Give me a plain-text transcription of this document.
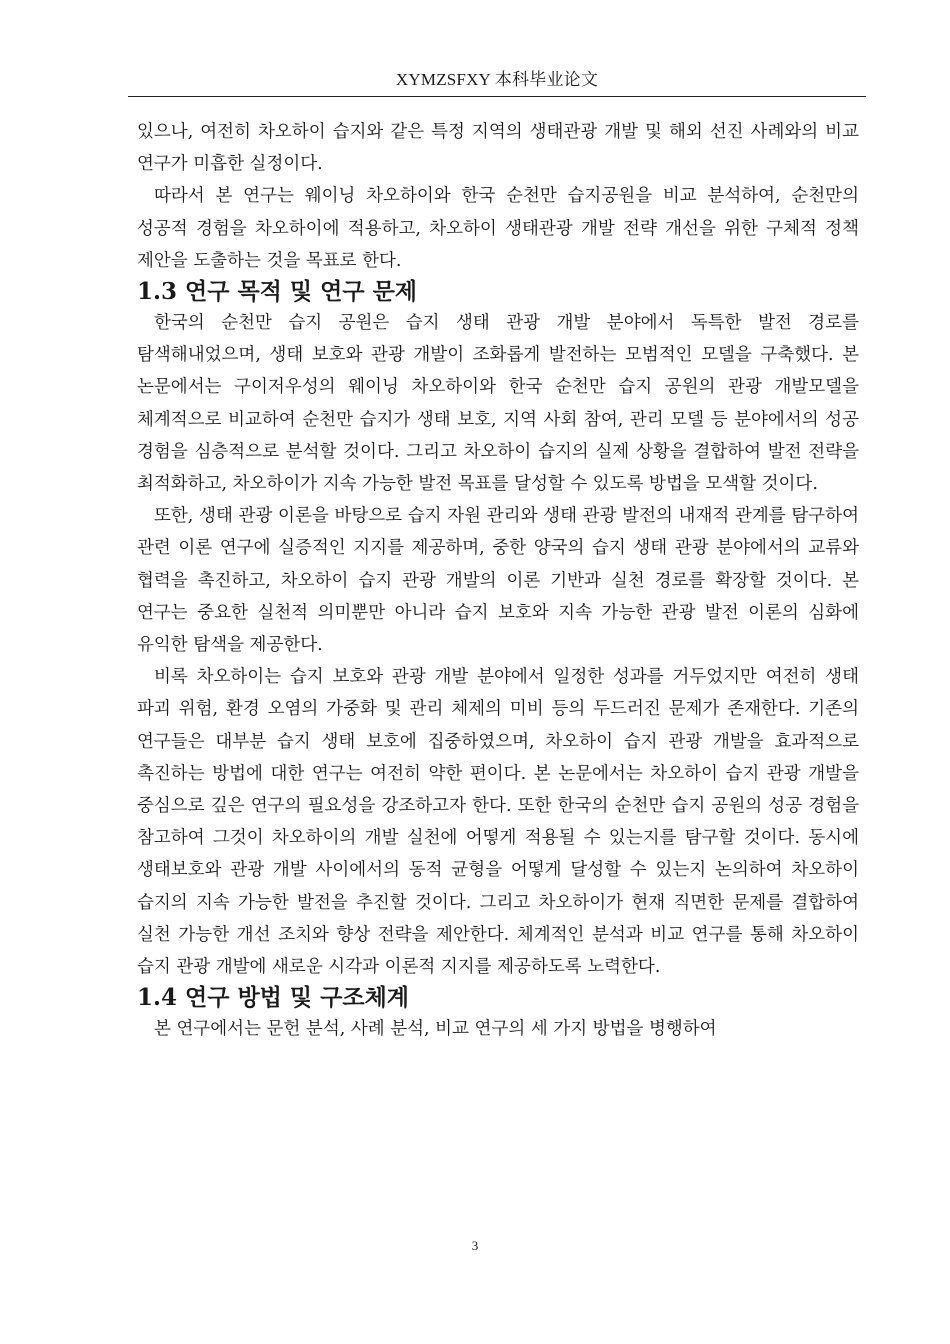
XYMZSFXY 本科毕业论文

있으나, 여전히 차오하이 습지와 같은 특정 지역의 생태관광 개발 및 해외 선진 사례와의 비교 연구가 미흡한 실정이다.

따라서 본 연구는 웨이닝 차오하이와 한국 순천만 습지공원을 비교 분석하여, 순천만의 성공적 경험을 차오하이에 적용하고, 차오하이 생태관광 개발 전략 개선을 위한 구체적 정책 제안을 도출하는 것을 목표로 한다.

1.3 연구 목적 및 연구 문제

한국의 순천만 습지 공원은 습지 생태 관광 개발 분야에서 독특한 발전 경로를 탐색해내었으며, 생태 보호와 관광 개발이 조화롭게 발전하는 모범적인 모델을 구축했다. 본 논문에서는 구이저우성의 웨이닝 차오하이와 한국 순천만 습지 공원의 관광 개발모델을 체계적으로 비교하여 순천만 습지가 생태 보호, 지역 사회 참여, 관리 모델 등 분야에서의 성공 경험을 심층적으로 분석할 것이다. 그리고 차오하이 습지의 실제 상황을 결합하여 발전 전략을 최적화하고, 차오하이가 지속 가능한 발전 목표를 달성할 수 있도록 방법을 모색할 것이다.

또한, 생태 관광 이론을 바탕으로 습지 자원 관리와 생태 관광 발전의 내재적 관계를 탐구하여 관련 이론 연구에 실증적인 지지를 제공하며, 중한 양국의 습지 생태 관광 분야에서의 교류와 협력을 촉진하고, 차오하이 습지 관광 개발의 이론 기반과 실천 경로를 확장할 것이다. 본 연구는 중요한 실천적 의미뿐만 아니라 습지 보호와 지속 가능한 관광 발전 이론의 심화에 유익한 탐색을 제공한다.

비록 차오하이는 습지 보호와 관광 개발 분야에서 일정한 성과를 거두었지만 여전히 생태 파괴 위험, 환경 오염의 가중화 및 관리 체제의 미비 등의 두드러진 문제가 존재한다. 기존의 연구들은 대부분 습지 생태 보호에 집중하였으며, 차오하이 습지 관광 개발을 효과적으로 촉진하는 방법에 대한 연구는 여전히 약한 편이다. 본 논문에서는 차오하이 습지 관광 개발을 중심으로 깊은 연구의 필요성을 강조하고자 한다. 또한 한국의 순천만 습지 공원의 성공 경험을 참고하여 그것이 차오하이의 개발 실천에 어떻게 적용될 수 있는지를 탐구할 것이다. 동시에 생태보호와 관광 개발 사이에서의 동적 균형을 어떻게 달성할 수 있는지 논의하여 차오하이 습지의 지속 가능한 발전을 추진할 것이다. 그리고 차오하이가 현재 직면한 문제를 결합하여 실천 가능한 개선 조치와 향상 전략을 제안한다. 체계적인 분석과 비교 연구를 통해 차오하이 습지 관광 개발에 새로운 시각과 이론적 지지를 제공하도록 노력한다.

1.4 연구 방법 및 구조체계

본 연구에서는 문헌 분석, 사례 분석, 비교 연구의 세 가지 방법을 병행하여

3
